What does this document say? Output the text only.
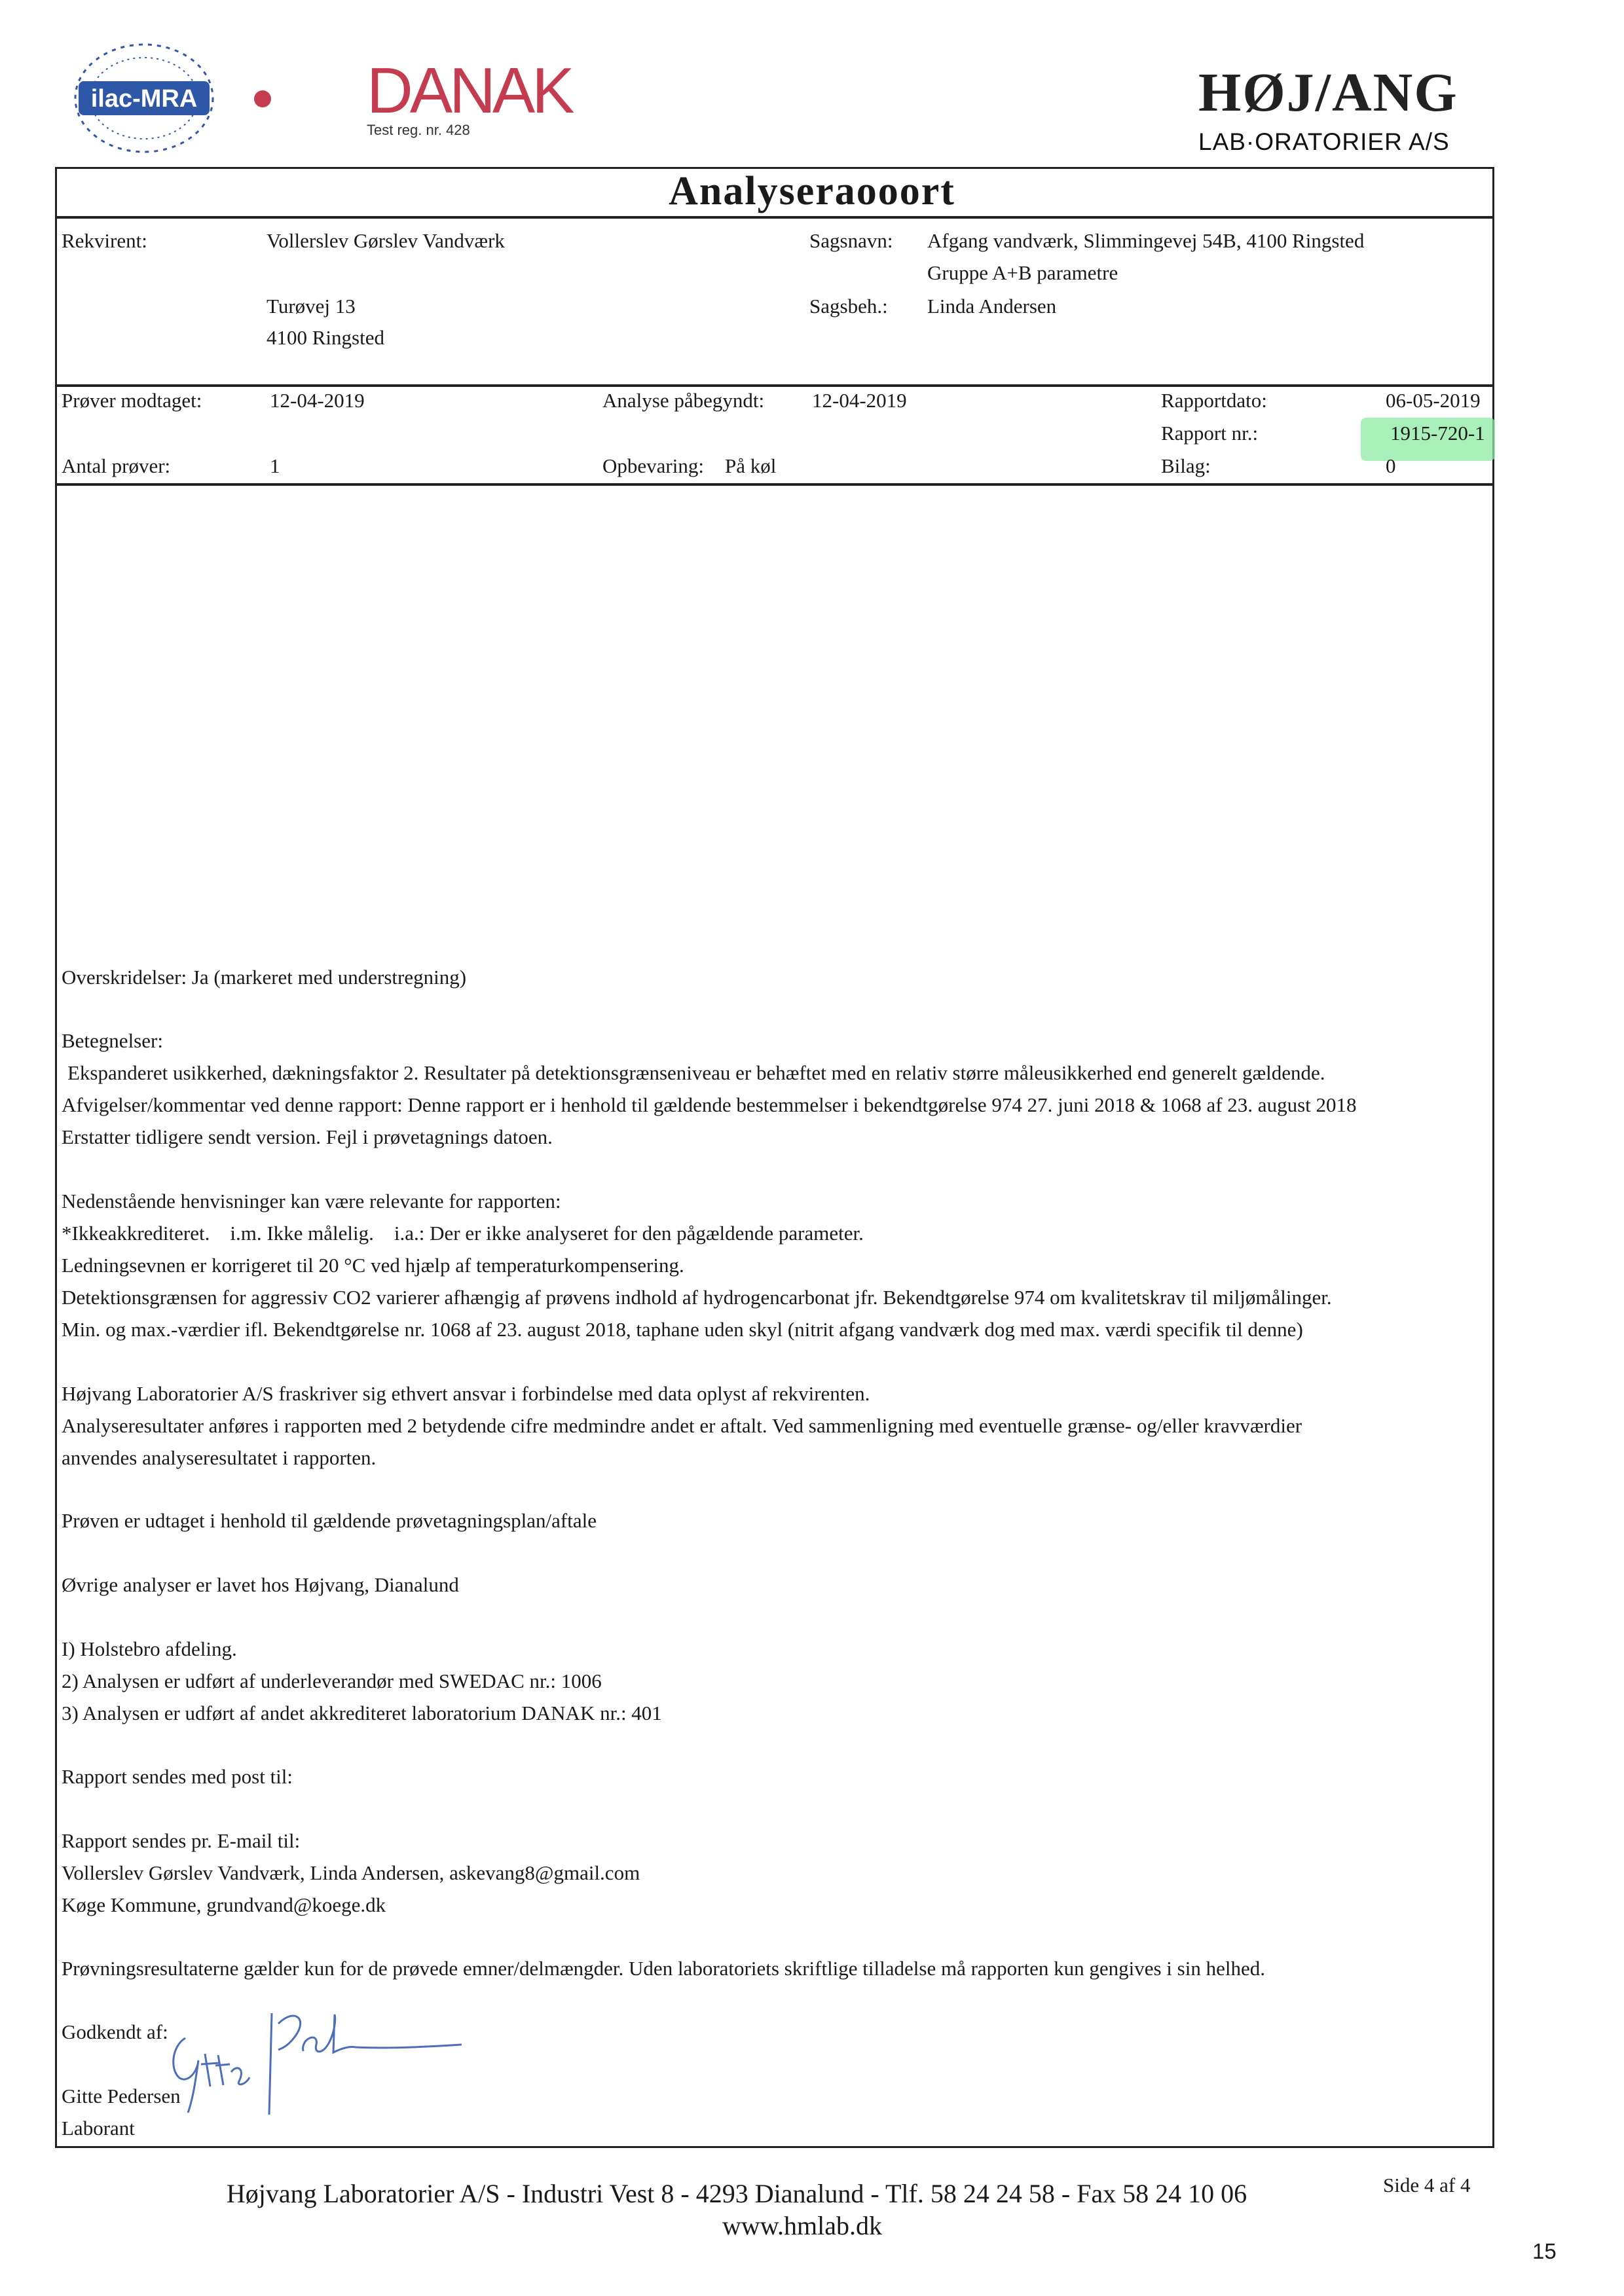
ilac-MRA	DANAK
Test reg. nr. 428
HØJ/ANG
LAB·ORATORIER A/S
Analyseraooort
Rekvirent:	Vollerslev Gørslev Vandværk
Turøvej 13
4100 Ringsted
Sagsnavn: Afgang vandværk, Slimmingevej 54B, 4100 Ringsted
Gruppe A+B parametre
Sagsbeh.: Linda Andersen
Prøver modtaget:	12-04-2019	Analyse påbegyndt: 12-04-2019	Rapportdato:	06-05-2019
Rapport nr.:	1915-720-1
Antal prøver:	1	Opbevaring: På køl	Bilag:	0
Overskridelser: Ja (markeret med understregning)
Betegnelser:
Ekspanderet usikkerhed, dækningsfaktor 2. Resultater på detektionsgrænseniveau er behæftet med en relativ større måleusikkerhed end generelt gældende.
Afvigelser/kommentar ved denne rapport: Denne rapport er i henhold til gældende bestemmelser i bekendtgørelse 974 27. juni 2018 & 1068 af 23. august 2018
Erstatter tidligere sendt version. Fejl i prøvetagnings datoen.
Nedenstående henvisninger kan være relevante for rapporten:
*Ikkeakkrediteret.    i.m. Ikke målelig.    i.a.: Der er ikke analyseret for den pågældende parameter.
Ledningsevnen er korrigeret til 20 °C ved hjælp af temperaturkompensering.
Detektionsgrænsen for aggressiv CO2 varierer afhængig af prøvens indhold af hydrogencarbonat jfr. Bekendtgørelse 974 om kvalitetskrav til miljømålinger.
Min. og max.-værdier ifl. Bekendtgørelse nr. 1068 af 23. august 2018, taphane uden skyl (nitrit afgang vandværk dog med max. værdi specifik til denne)
Højvang Laboratorier A/S fraskriver sig ethvert ansvar i forbindelse med data oplyst af rekvirenten.
Analyseresultater anføres i rapporten med 2 betydende cifre medmindre andet er aftalt. Ved sammenligning med eventuelle grænse- og/eller kravværdier
anvendes analyseresultatet i rapporten.
Prøven er udtaget i henhold til gældende prøvetagningsplan/aftale
Øvrige analyser er lavet hos Højvang, Dianalund
I) Holstebro afdeling.
2) Analysen er udført af underleverandør med SWEDAC nr.: 1006
3) Analysen er udført af andet akkrediteret laboratorium DANAK nr.: 401
Rapport sendes med post til:
Rapport sendes pr. E-mail til:
Vollerslev Gørslev Vandværk, Linda Andersen, askevang8@gmail.com
Køge Kommune, grundvand@koege.dk
Prøvningsresultaterne gælder kun for de prøvede emner/delmængder. Uden laboratoriets skriftlige tilladelse må rapporten kun gengives i sin helhed.
Godkendt af:
Gitte Pedersen
Laborant
Højvang Laboratorier A/S - Industri Vest 8 - 4293 Dianalund - Tlf. 58 24 24 58 - Fax 58 24 10 06
www.hmlab.dk
Side 4 af 4
15
